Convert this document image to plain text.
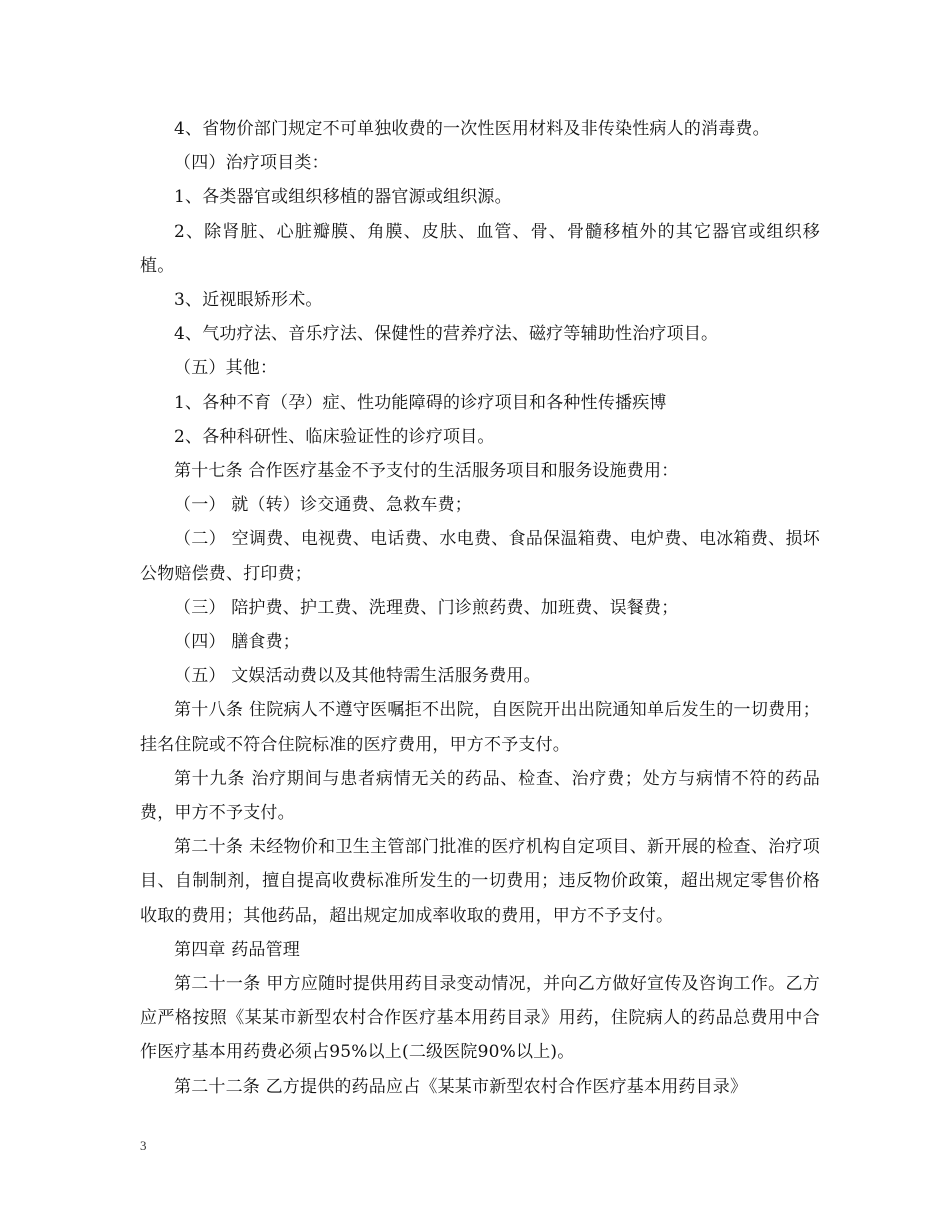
4、省物价部门规定不可单独收费的一次性医用材料及非传染性病人的消毒费。

（四）治疗项目类：

1、各类器官或组织移植的器官源或组织源。

2、除肾脏、心脏瓣膜、角膜、皮肤、血管、骨、骨髓移植外的其它器官或组织移植。

3、近视眼矫形术。

4、气功疗法、音乐疗法、保健性的营养疗法、磁疗等辅助性治疗项目。

（五）其他：

1、各种不育（孕）症、性功能障碍的诊疗项目和各种性传播疾博

2、各种科研性、临床验证性的诊疗项目。

第十七条 合作医疗基金不予支付的生活服务项目和服务设施费用：

（一） 就（转）诊交通费、急救车费；

（二） 空调费、电视费、电话费、水电费、食品保温箱费、电炉费、电冰箱费、损坏公物赔偿费、打印费；

（三） 陪护费、护工费、洗理费、门诊煎药费、加班费、误餐费；

（四） 膳食费；

（五） 文娱活动费以及其他特需生活服务费用。

第十八条 住院病人不遵守医嘱拒不出院，自医院开出出院通知单后发生的一切费用；挂名住院或不符合住院标准的医疗费用，甲方不予支付。

第十九条 治疗期间与患者病情无关的药品、检查、治疗费；处方与病情不符的药品费，甲方不予支付。

第二十条 未经物价和卫生主管部门批准的医疗机构自定项目、新开展的检查、治疗项目、自制制剂，擅自提高收费标准所发生的一切费用；违反物价政策，超出规定零售价格收取的费用；其他药品，超出规定加成率收取的费用，甲方不予支付。

第四章 药品管理

第二十一条 甲方应随时提供用药目录变动情况，并向乙方做好宣传及咨询工作。乙方应严格按照《某某市新型农村合作医疗基本用药目录》用药，住院病人的药品总费用中合作医疗基本用药费必须占95%以上(二级医院90%以上)。

第二十二条 乙方提供的药品应占《某某市新型农村合作医疗基本用药目录》

3
